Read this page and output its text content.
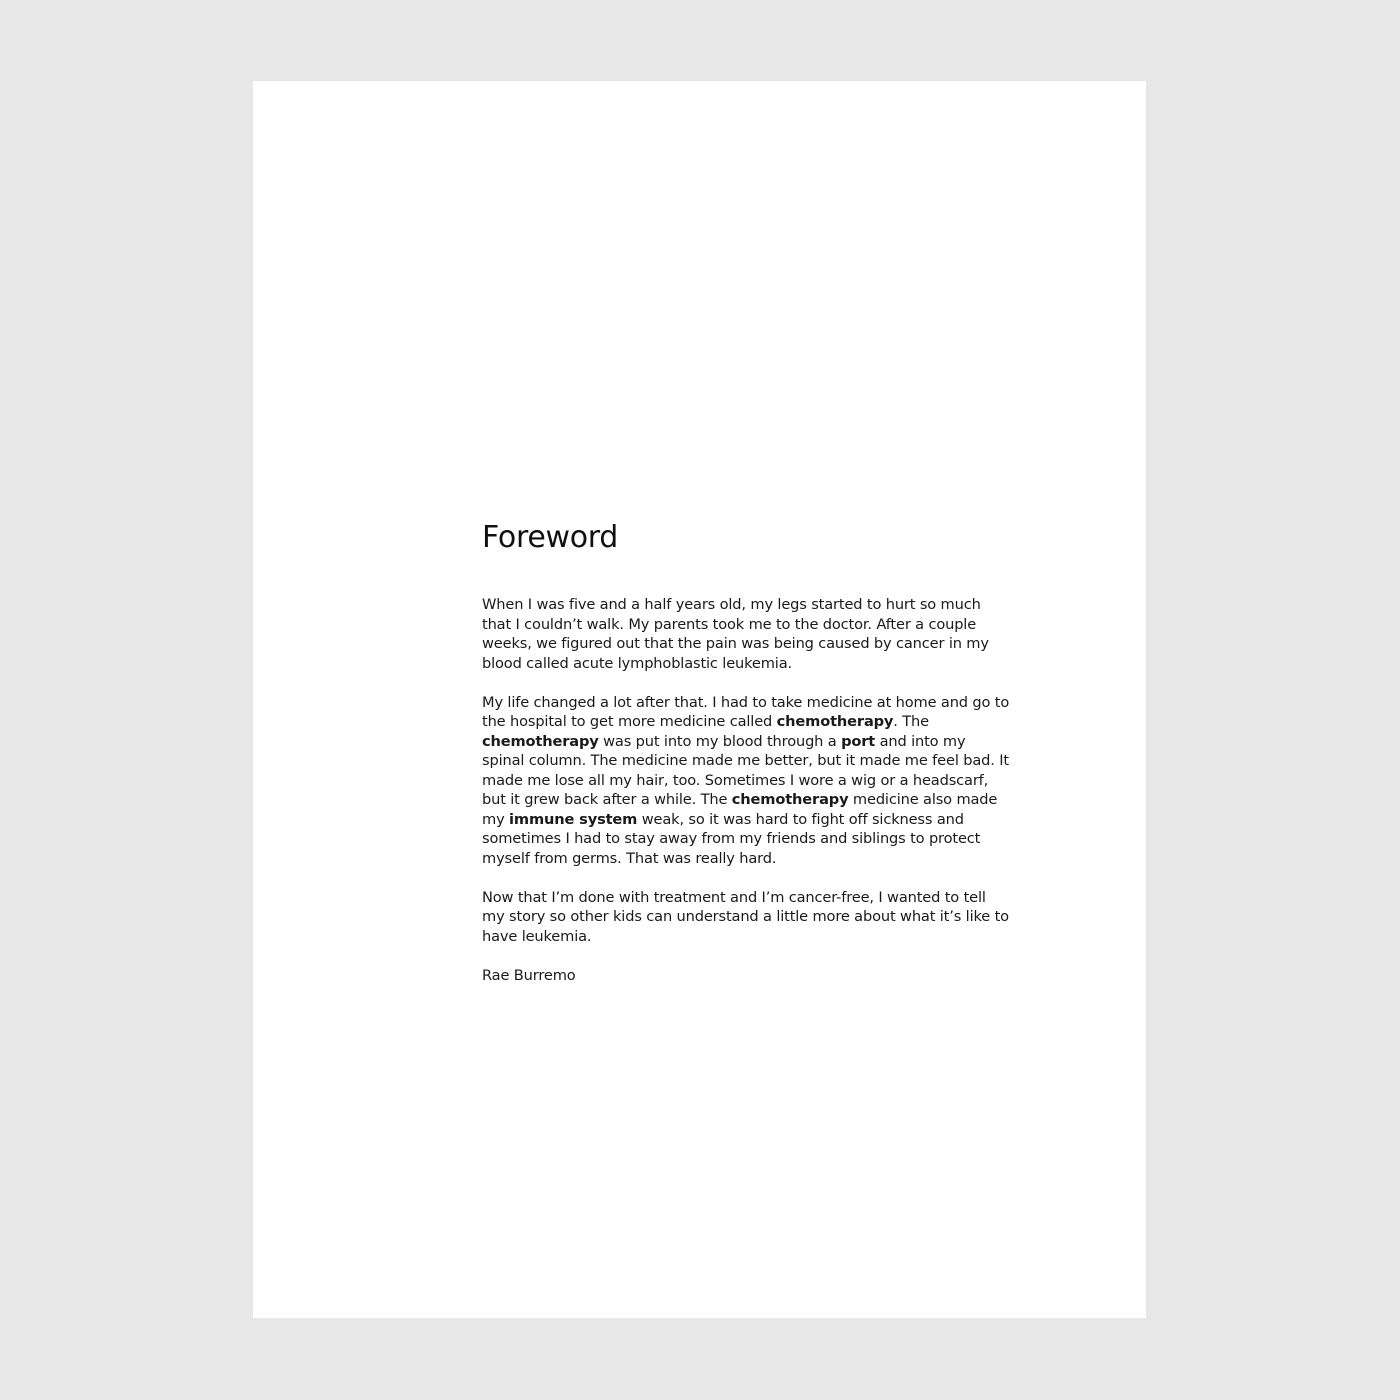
Foreword

When I was five and a half years old, my legs started to hurt so much that I couldn’t walk. My parents took me to the doctor. After a couple weeks, we figured out that the pain was being caused by cancer in my blood called acute lymphoblastic leukemia.

My life changed a lot after that. I had to take medicine at home and go to the hospital to get more medicine called chemotherapy. The chemotherapy was put into my blood through a port and into my spinal column. The medicine made me better, but it made me feel bad. It made me lose all my hair, too. Sometimes I wore a wig or a headscarf, but it grew back after a while. The chemotherapy medicine also made my immune system weak, so it was hard to fight off sickness and sometimes I had to stay away from my friends and siblings to protect myself from germs. That was really hard.

Now that I’m done with treatment and I’m cancer-free, I wanted to tell my story so other kids can understand a little more about what it’s like to have leukemia.

Rae Burremo
